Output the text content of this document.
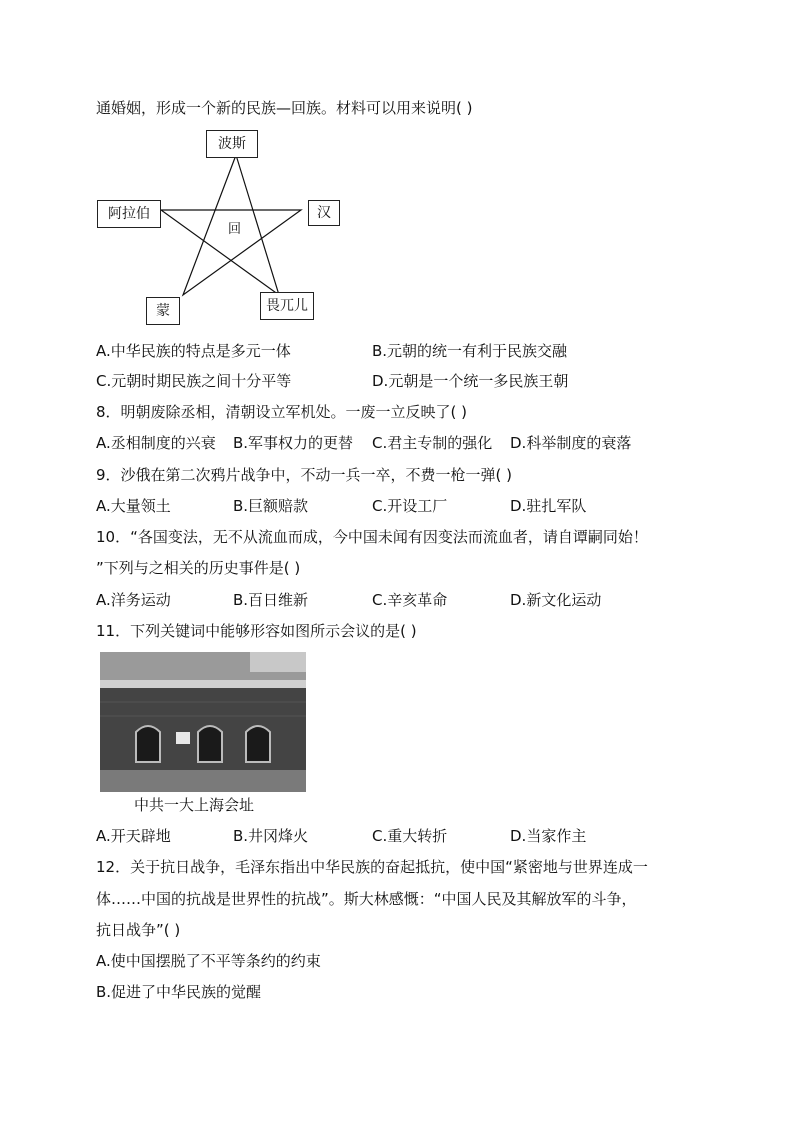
通婚姻，形成一个新的民族—回族。材料可以用来说明( )
波斯
阿拉伯	汉
蒙	畏兀儿
回
A.中华民族的特点是多元一体	B.元朝的统一有利于民族交融
C.元朝时期民族之间十分平等	D.元朝是一个统一多民族王朝
8．明朝废除丞相，清朝设立军机处。一废一立反映了( )
A.丞相制度的兴衰 B.军事权力的更替 C.君主专制的强化 D.科举制度的衰落
9．沙俄在第二次鸦片战争中，不动一兵一卒，不费一枪一弹( )
A.大量领土	B.巨额赔款	C.开设工厂	D.驻扎军队
10．“各国变法，无不从流血而成，今中国未闻有因变法而流血者，请自谭嗣同始！
”下列与之相关的历史事件是( )
A.洋务运动	B.百日维新	C.辛亥革命	D.新文化运动
11．下列关键词中能够形容如图所示会议的是( )
中共一大上海会址
A.开天辟地	B.井冈烽火	C.重大转折	D.当家作主
12．关于抗日战争，毛泽东指出中华民族的奋起抵抗，使中国“紧密地与世界连成一
体……中国的抗战是世界性的抗战”。斯大林感慨：“中国人民及其解放军的斗争，
抗日战争”( )
A.使中国摆脱了不平等条约的约束
B.促进了中华民族的觉醒
